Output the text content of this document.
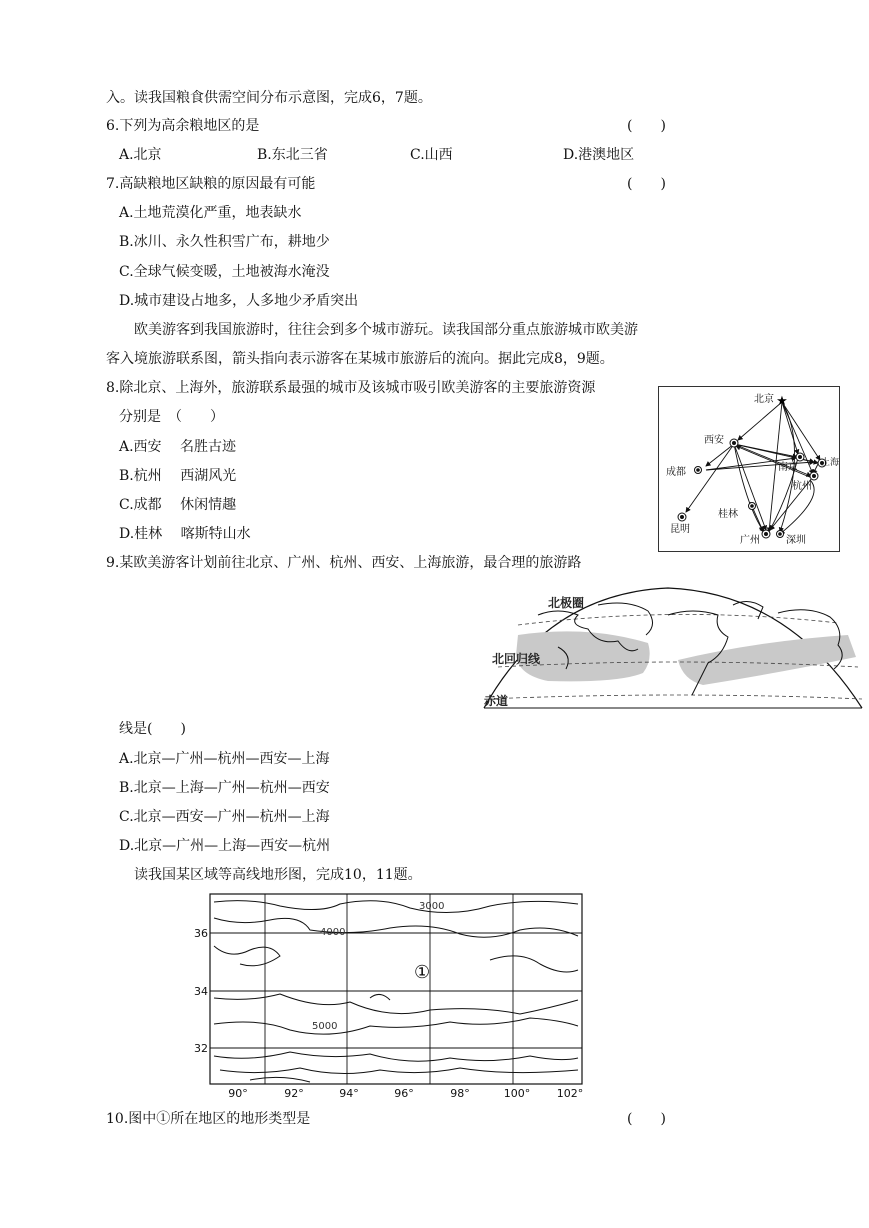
入。读我国粮食供需空间分布示意图，完成6，7题。
6.下列为高余粮地区的是	(　　)
A.北京	B.东北三省	C.山西	D.港澳地区
7.高缺粮地区缺粮的原因最有可能	(　　)
A.土地荒漠化严重，地表缺水
B.冰川、永久性积雪广布，耕地少
C.全球气候变暖，土地被海水淹没
D.城市建设占地多，人多地少矛盾突出
欧美游客到我国旅游时，往往会到多个城市游玩。读我国部分重点旅游城市欧美游
客入境旅游联系图，箭头指向表示游客在某城市旅游后的流向。据此完成8，9题。
8.除北京、上海外，旅游联系最强的城市及该城市吸引欧美游客的主要旅游资源
分别是　（　　）
A.西安　 名胜古迹
B.杭州　 西湖风光
C.成都　 休闲情趣
D.桂林　 喀斯特山水
9.某欧美游客计划前往北京、广州、杭州、西安、上海旅游，最合理的旅游路
线是(　　)
A.北京—广州—杭州—西安—上海
B.北京—上海—广州—杭州—西安
C.北京—西安—广州—杭州—上海
D.北京—广州—上海—西安—杭州
读我国某区域等高线地形图，完成10，11题。
10.图中①所在地区的地形类型是	(　　)
★
北京
西安
成都	南京	上海
杭州
桂林
昆明
广州	深圳
北极圈
北回归线
赤道
3000
4000
5000
①
36
34
32
90°	92°	94°	96°	98°	100° 102°
